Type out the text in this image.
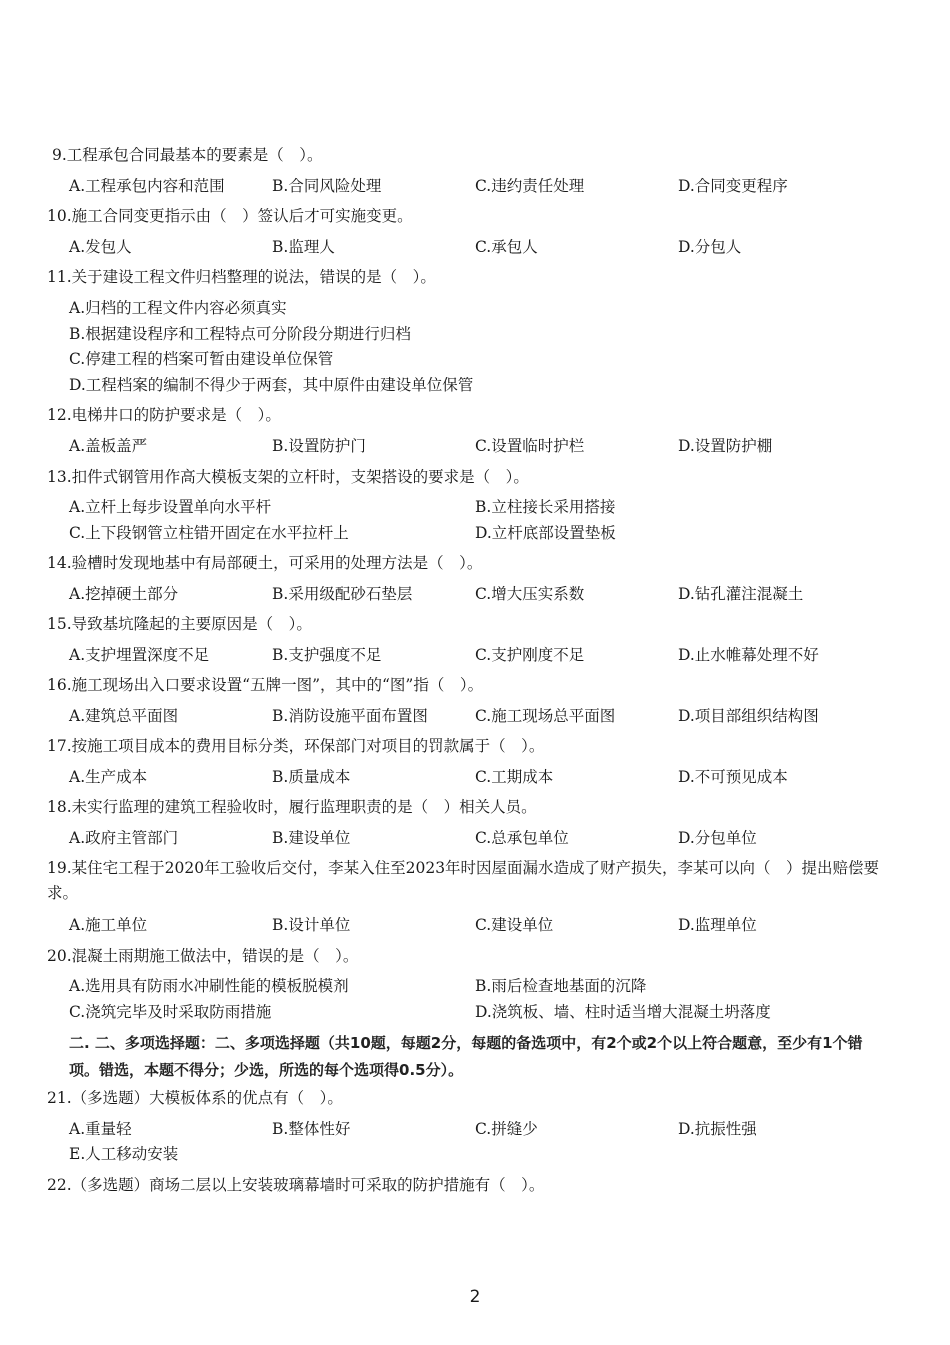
9.工程承包合同最基本的要素是（　）。
A.工程承包内容和范围	B.合同风险处理	C.违约责任处理	D.合同变更程序
10.施工合同变更指示由（　）签认后才可实施变更。
A.发包人	B.监理人	C.承包人	D.分包人
11.关于建设工程文件归档整理的说法，错误的是（　）。
A.归档的工程文件内容必须真实
B.根据建设程序和工程特点可分阶段分期进行归档
C.停建工程的档案可暂由建设单位保管
D.工程档案的编制不得少于两套，其中原件由建设单位保管
12.电梯井口的防护要求是（　）。
A.盖板盖严	B.设置防护门	C.设置临时护栏	D.设置防护棚
13.扣件式钢管用作高大模板支架的立杆时，支架搭设的要求是（　）。
A.立杆上每步设置单向水平杆	B.立柱接长采用搭接
C.上下段钢管立柱错开固定在水平拉杆上	D.立杆底部设置垫板
14.验槽时发现地基中有局部硬土，可采用的处理方法是（　）。
A.挖掉硬土部分	B.采用级配砂石垫层	C.增大压实系数	D.钻孔灌注混凝土
15.导致基坑隆起的主要原因是（　）。
A.支护埋置深度不足	B.支护强度不足	C.支护刚度不足	D.止水帷幕处理不好
16.施工现场出入口要求设置“五牌一图”，其中的“图”指（　）。
A.建筑总平面图	B.消防设施平面布置图	C.施工现场总平面图	D.项目部组织结构图
17.按施工项目成本的费用目标分类，环保部门对项目的罚款属于（　）。
A.生产成本	B.质量成本	C.工期成本	D.不可预见成本
18.未实行监理的建筑工程验收时，履行监理职责的是（　）相关人员。
A.政府主管部门	B.建设单位	C.总承包单位	D.分包单位
19.某住宅工程于2020年工验收后交付，李某入住至2023年时因屋面漏水造成了财产损失，李某可以向（　）提出赔偿要求。
A.施工单位	B.设计单位	C.建设单位	D.监理单位
20.混凝土雨期施工做法中，错误的是（　）。
A.选用具有防雨水冲刷性能的模板脱模剂	B.雨后检查地基面的沉降
C.浇筑完毕及时采取防雨措施	D.浇筑板、墙、柱时适当增大混凝土坍落度
二. 二、多项选择题：二、多项选择题（共10题，每题2分，每题的备选项中，有2个或2个以上符合题意，至少有1个错项。错选，本题不得分；少选，所选的每个选项得0.5分）。
21.（多选题）大模板体系的优点有（　）。
A.重量轻	B.整体性好	C.拼缝少	D.抗振性强
E.人工移动安装
22.（多选题）商场二层以上安装玻璃幕墙时可采取的防护措施有（　）。
2
